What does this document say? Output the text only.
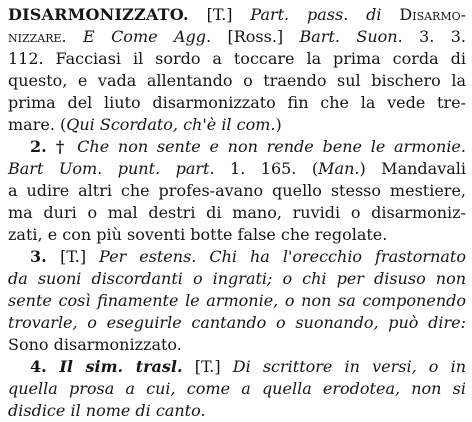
DISARMONIZZATO. [T.] Part. pass. di Disarmo-
nizzare. E Come Agg. [Ross.] Bart. Suon. 3. 3.
112. Facciasi il sordo a toccare la prima corda di
questo, e vada allentando o traendo sul bischero la
prima del liuto disarmonizzato fin che la vede tre-
mare. (Qui Scordato, ch'è il com.)
2. † Che non sente e non rende bene le armonie.
Bart Uom. punt. part. 1. 165. (Man.) Mandavali
a udire altri che profes-avano quello stesso mestiere,
ma duri o mal destri di mano, ruvidi o disarmoniz-
zati, e con più soventi botte false che regolate.
3. [T.] Per estens. Chi ha l'orecchio frastornato
da suoni discordanti o ingrati; o chi per disuso non
sente così finamente le armonie, o non sa componendo
trovarle, o eseguirle cantando o suonando, può dire:
Sono disarmonizzato.
4. Il sim. trasl. [T.] Di scrittore in versi, o in
quella prosa a cui, come a quella erodotea, non si
disdice il nome di canto.
